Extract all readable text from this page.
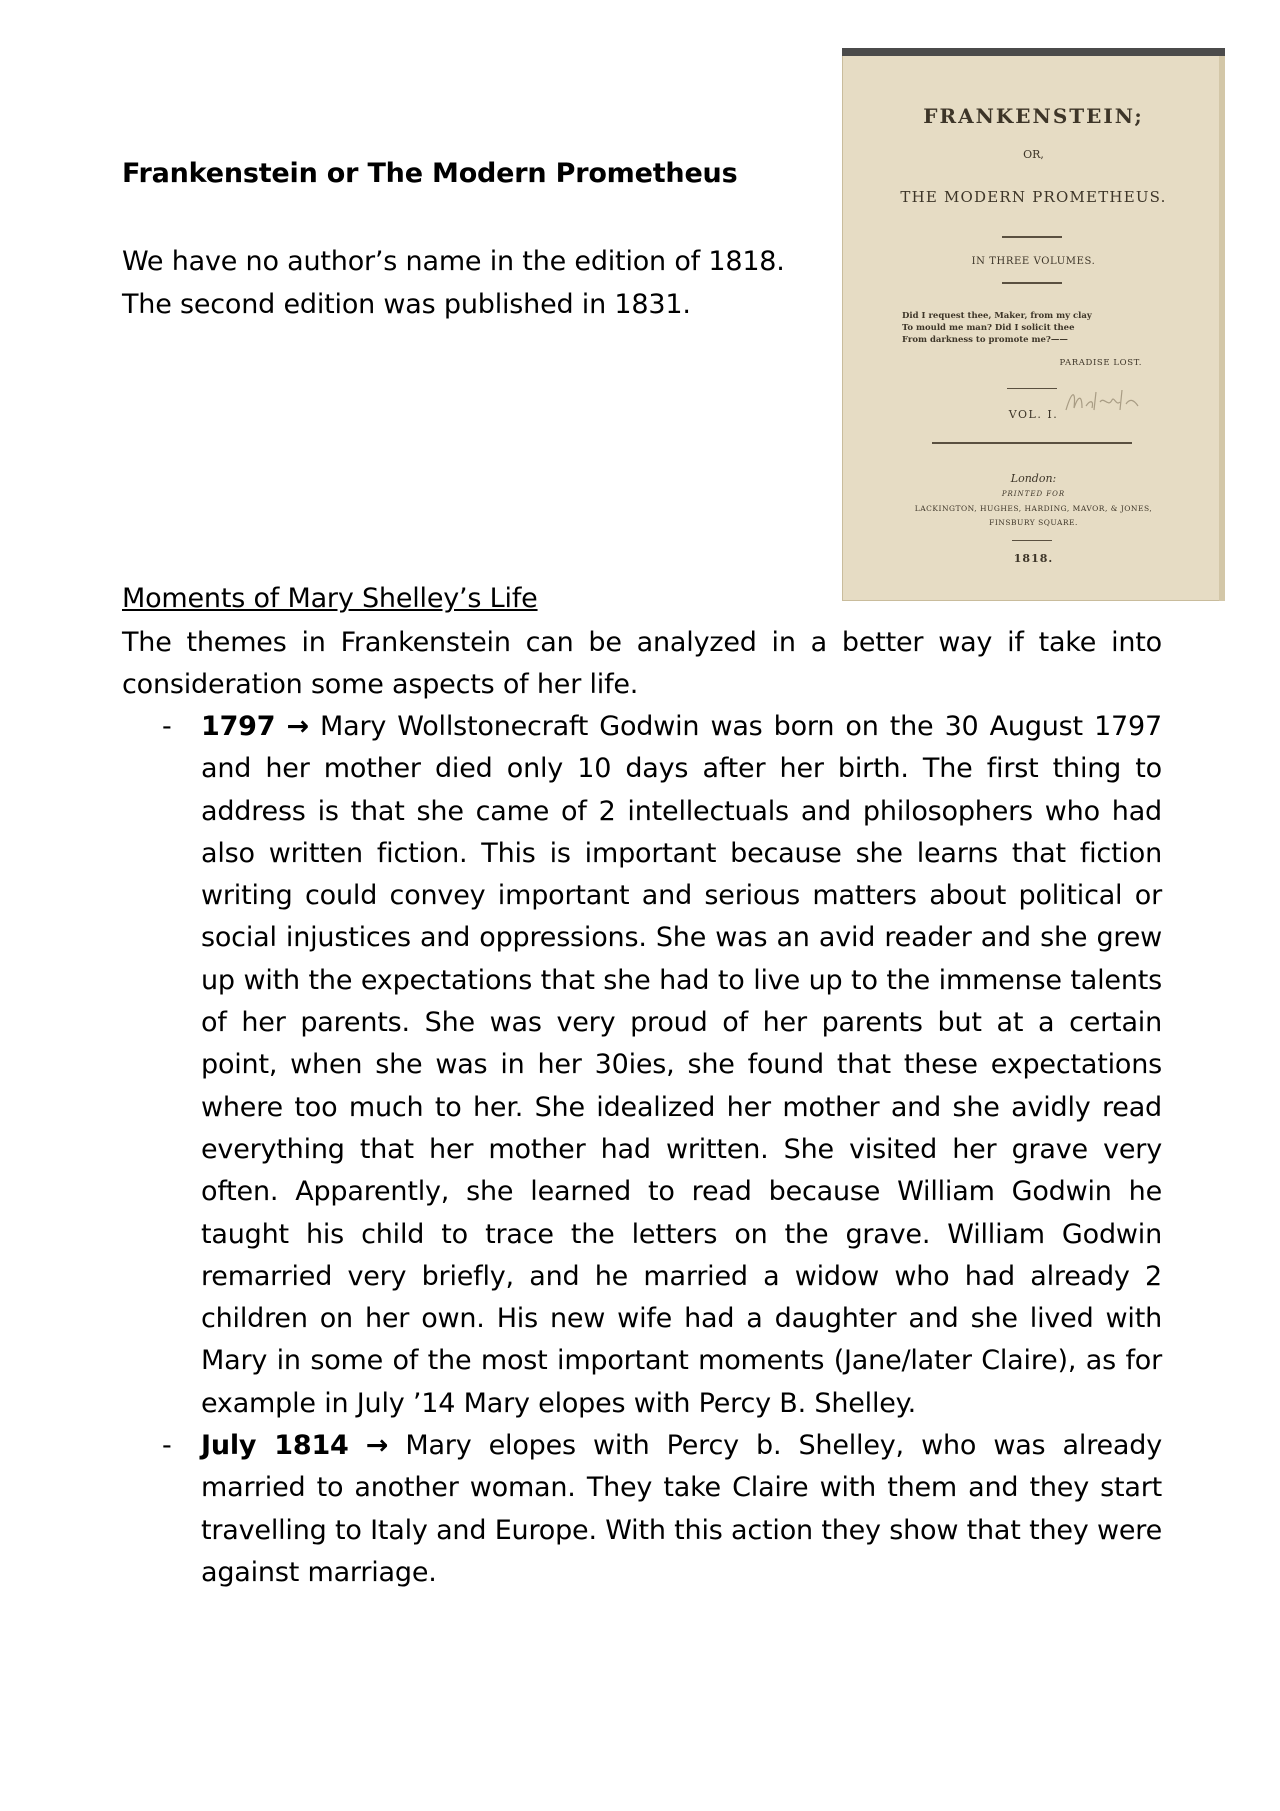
Frankenstein or The Modern Prometheus
We have no author’s name in the edition of 1818.
The second edition was published in 1831.
FRANKENSTEIN;
OR,
THE MODERN PROMETHEUS.
IN THREE VOLUMES.
Did I request thee, Maker, from my clay
To mould me man? Did I solicit thee
From darkness to promote me?——
PARADISE LOST.
VOL. I.
London:
PRINTED FOR
LACKINGTON, HUGHES, HARDING, MAVOR, & JONES,
FINSBURY SQUARE.
1818.
Moments of Mary Shelley’s Life
The themes in Frankenstein can be analyzed in a better way if take into consideration some aspects of her life.
- 1797 → Mary Wollstonecraft Godwin was born on the 30 August 1797 and her mother died only 10 days after her birth. The first thing to address is that she came of 2 intellectuals and philosophers who had also written fiction. This is important because she learns that fiction writing could convey important and serious matters about political or social injustices and oppressions. She was an avid reader and she grew up with the expectations that she had to live up to the immense talents of her parents. She was very proud of her parents but at a certain point, when she was in her 30ies, she found that these expectations where too much to her. She idealized her mother and she avidly read everything that her mother had written. She visited her grave very often. Apparently, she learned to read because William Godwin he taught his child to trace the letters on the grave. William Godwin remarried very briefly, and he married a widow who had already 2 children on her own. His new wife had a daughter and she lived with Mary in some of the most important moments (Jane/later Claire), as for example in July ’14 Mary elopes with Percy B. Shelley.
- July 1814 → Mary elopes with Percy b. Shelley, who was already married to another woman. They take Claire with them and they start travelling to Italy and Europe. With this action they show that they were against marriage.
